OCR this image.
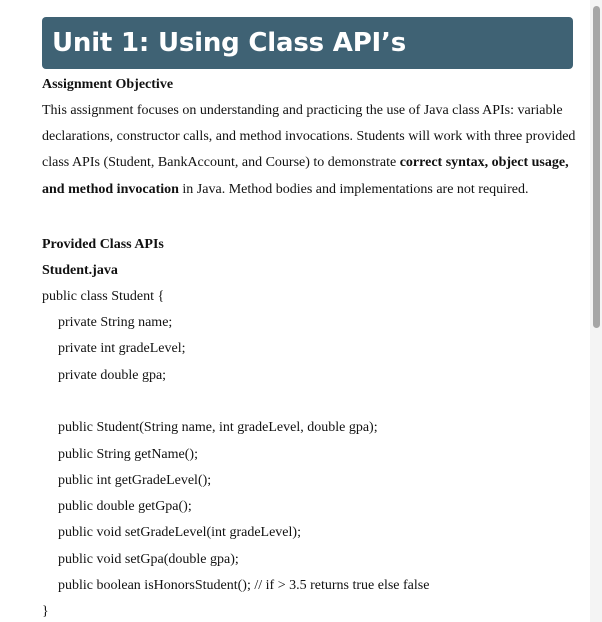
Unit 1: Using Class API’s

Assignment Objective

This assignment focuses on understanding and practicing the use of Java class APIs: variable declarations, constructor calls, and method invocations. Students will work with three provided class APIs (Student, BankAccount, and Course) to demonstrate correct syntax, object usage, and method invocation in Java. Method bodies and implementations are not required.

Provided Class APIs

Student.java

public class Student {
private String name;
private int gradeLevel;
private double gpa;
public Student(String name, int gradeLevel, double gpa);
public String getName();
public int getGradeLevel();
public double getGpa();
public void setGradeLevel(int gradeLevel);
public void setGpa(double gpa);
public boolean isHonorsStudent(); // if > 3.5 returns true else false
}
